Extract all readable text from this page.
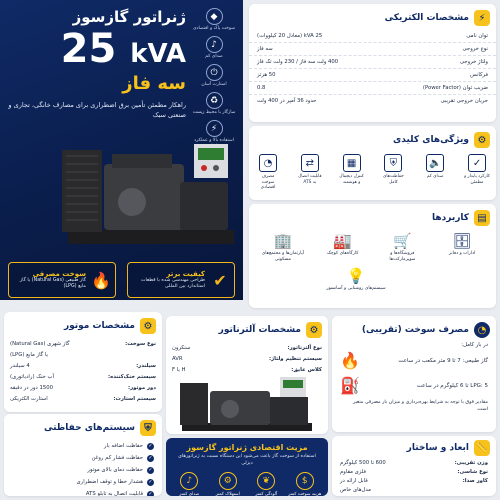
ژنراتور گازسوز
25 kVA
سه فاز
راهکار مطمئن تأمین برق اضطراری برای مصارف خانگی، تجاری و صنعتی سبک
◆
سوخت پاک و اقتصادی
♪
صدای کم
⏻
استارت آسان
♻
سازگار با محیط زیست
⚡
استفاده بالا و عملکرد
✔
کیفیت برتر
طراحی مهندسی شده با قطعات استاندارد بین المللی
🔥
سوخت مصرفی
گاز طبیعی (Natural Gas) یا گاز مایع (LPG)
⚡
مشخصات الکتریکی
توان نامی
25 kVA (معادل 20 کیلووات)
نوع خروجی
سه فاز
ولتاژ خروجی
400 ولت سه فاز / 230 ولت تک فاز
فرکانس
50 هرتز
ضریب توان (Power Factor)
0.8
جریان خروجی تقریبی
حدود 36 آمپر در 400 ولت
⚙
ویژگی‌های کلیدی
✓
کارکرد پایدار و مطمئن
🔈
صدای کم
⛨
حفاظت‌های کامل
▦
کنترل دیجیتال و هوشمند
⇄
قابلیت اتصال به ATS
◔
مصرف سوخت اقتصادی
▤
کاربردها
🗄
ادارات و دفاتر
🛒
فروشگاه‌ها و سوپرمارکت‌ها
🏭
کارگاه‌های کوچک
🏢
آپارتمان‌ها و مجتمع‌های مسکونی
💡
سیستم‌های روشنایی و آسانسور
◔
مصرف سوخت (تقریبی)
در بار کامل:
گاز طبیعی: 7 تا 9 متر مکعب در ساعت
🔥
LPG: 5 تا 6 کیلوگرم در ساعت
⛽
مقادیر فوق با توجه به شرایط بهره‌برداری و میزان بار مصرفی متغیر است.
⚙
مشخصات آلترناتور
نوع آلترناتور:
سنکرون
سیستم تنظیم ولتاژ:
AVR
کلاس عایق:
H یا F
⚙
مشخصات موتور
نوع سوخت:
گاز شهری (Natural Gas)
یا گاز مایع (LPG)
سیلندر:
4 سیلندر
سیستم خنک‌کننده:
آب خنک (رادیاتوری)
دور موتور:
1500 دور در دقیقه
سیستم استارت:
استارت الکتریکی
⛨
سیستم‌های حفاظتی
✓
حفاظت اضافه بار
✓
حفاظت فشار کم روغن
✓
حفاظت دمای بالای موتور
✓
هشدار خطا و توقف اضطراری
✓
قابلیت اتصال به تابلو ATS
مزیت اقتصادی ژنراتور گازسوز
استفاده از سوخت گاز باعث می‌شود این دستگاه نسبت به ژنراتورهای دیزلی
$
هزینه سوخت کمتر
❦
آلودگی کمتر
⚙
استهلاک کمتر
♪
صدای کمتر
📏
ابعاد و ساختار
وزن تقریبی:
600 تا 500 کیلوگرم
نوع شاسی:
فلزی مقاوم
کاور صدا:
قابل ارائه در
مدل‌های خاص
